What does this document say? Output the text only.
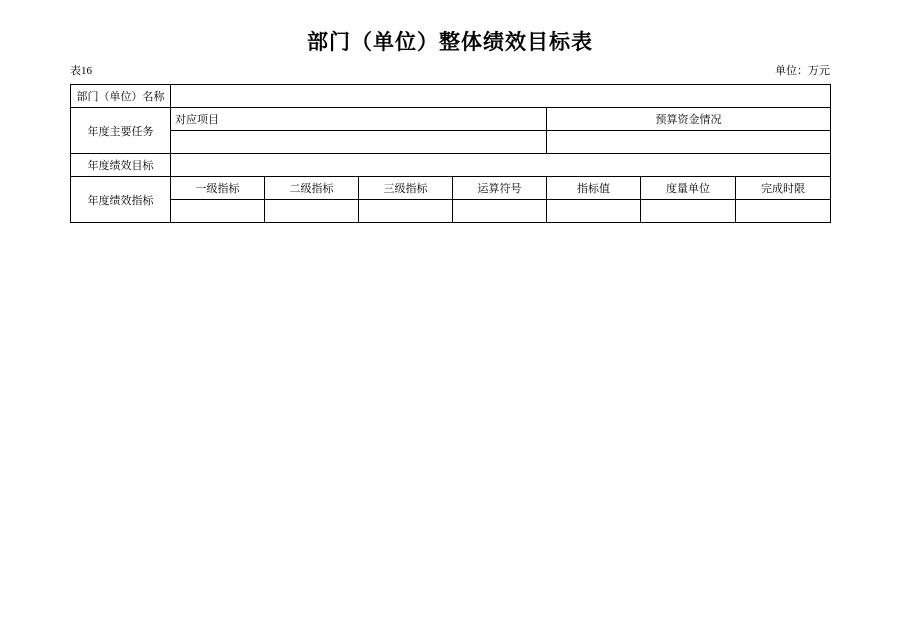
部门（单位）整体绩效目标表
表16	单位：万元
部门（单位）名称							
年度主要任务	对应项目				预算资金情况		

年度绩效目标							
年度绩效指标	一级指标	二级指标	三级指标	运算符号	指标值	度量单位	完成时限
